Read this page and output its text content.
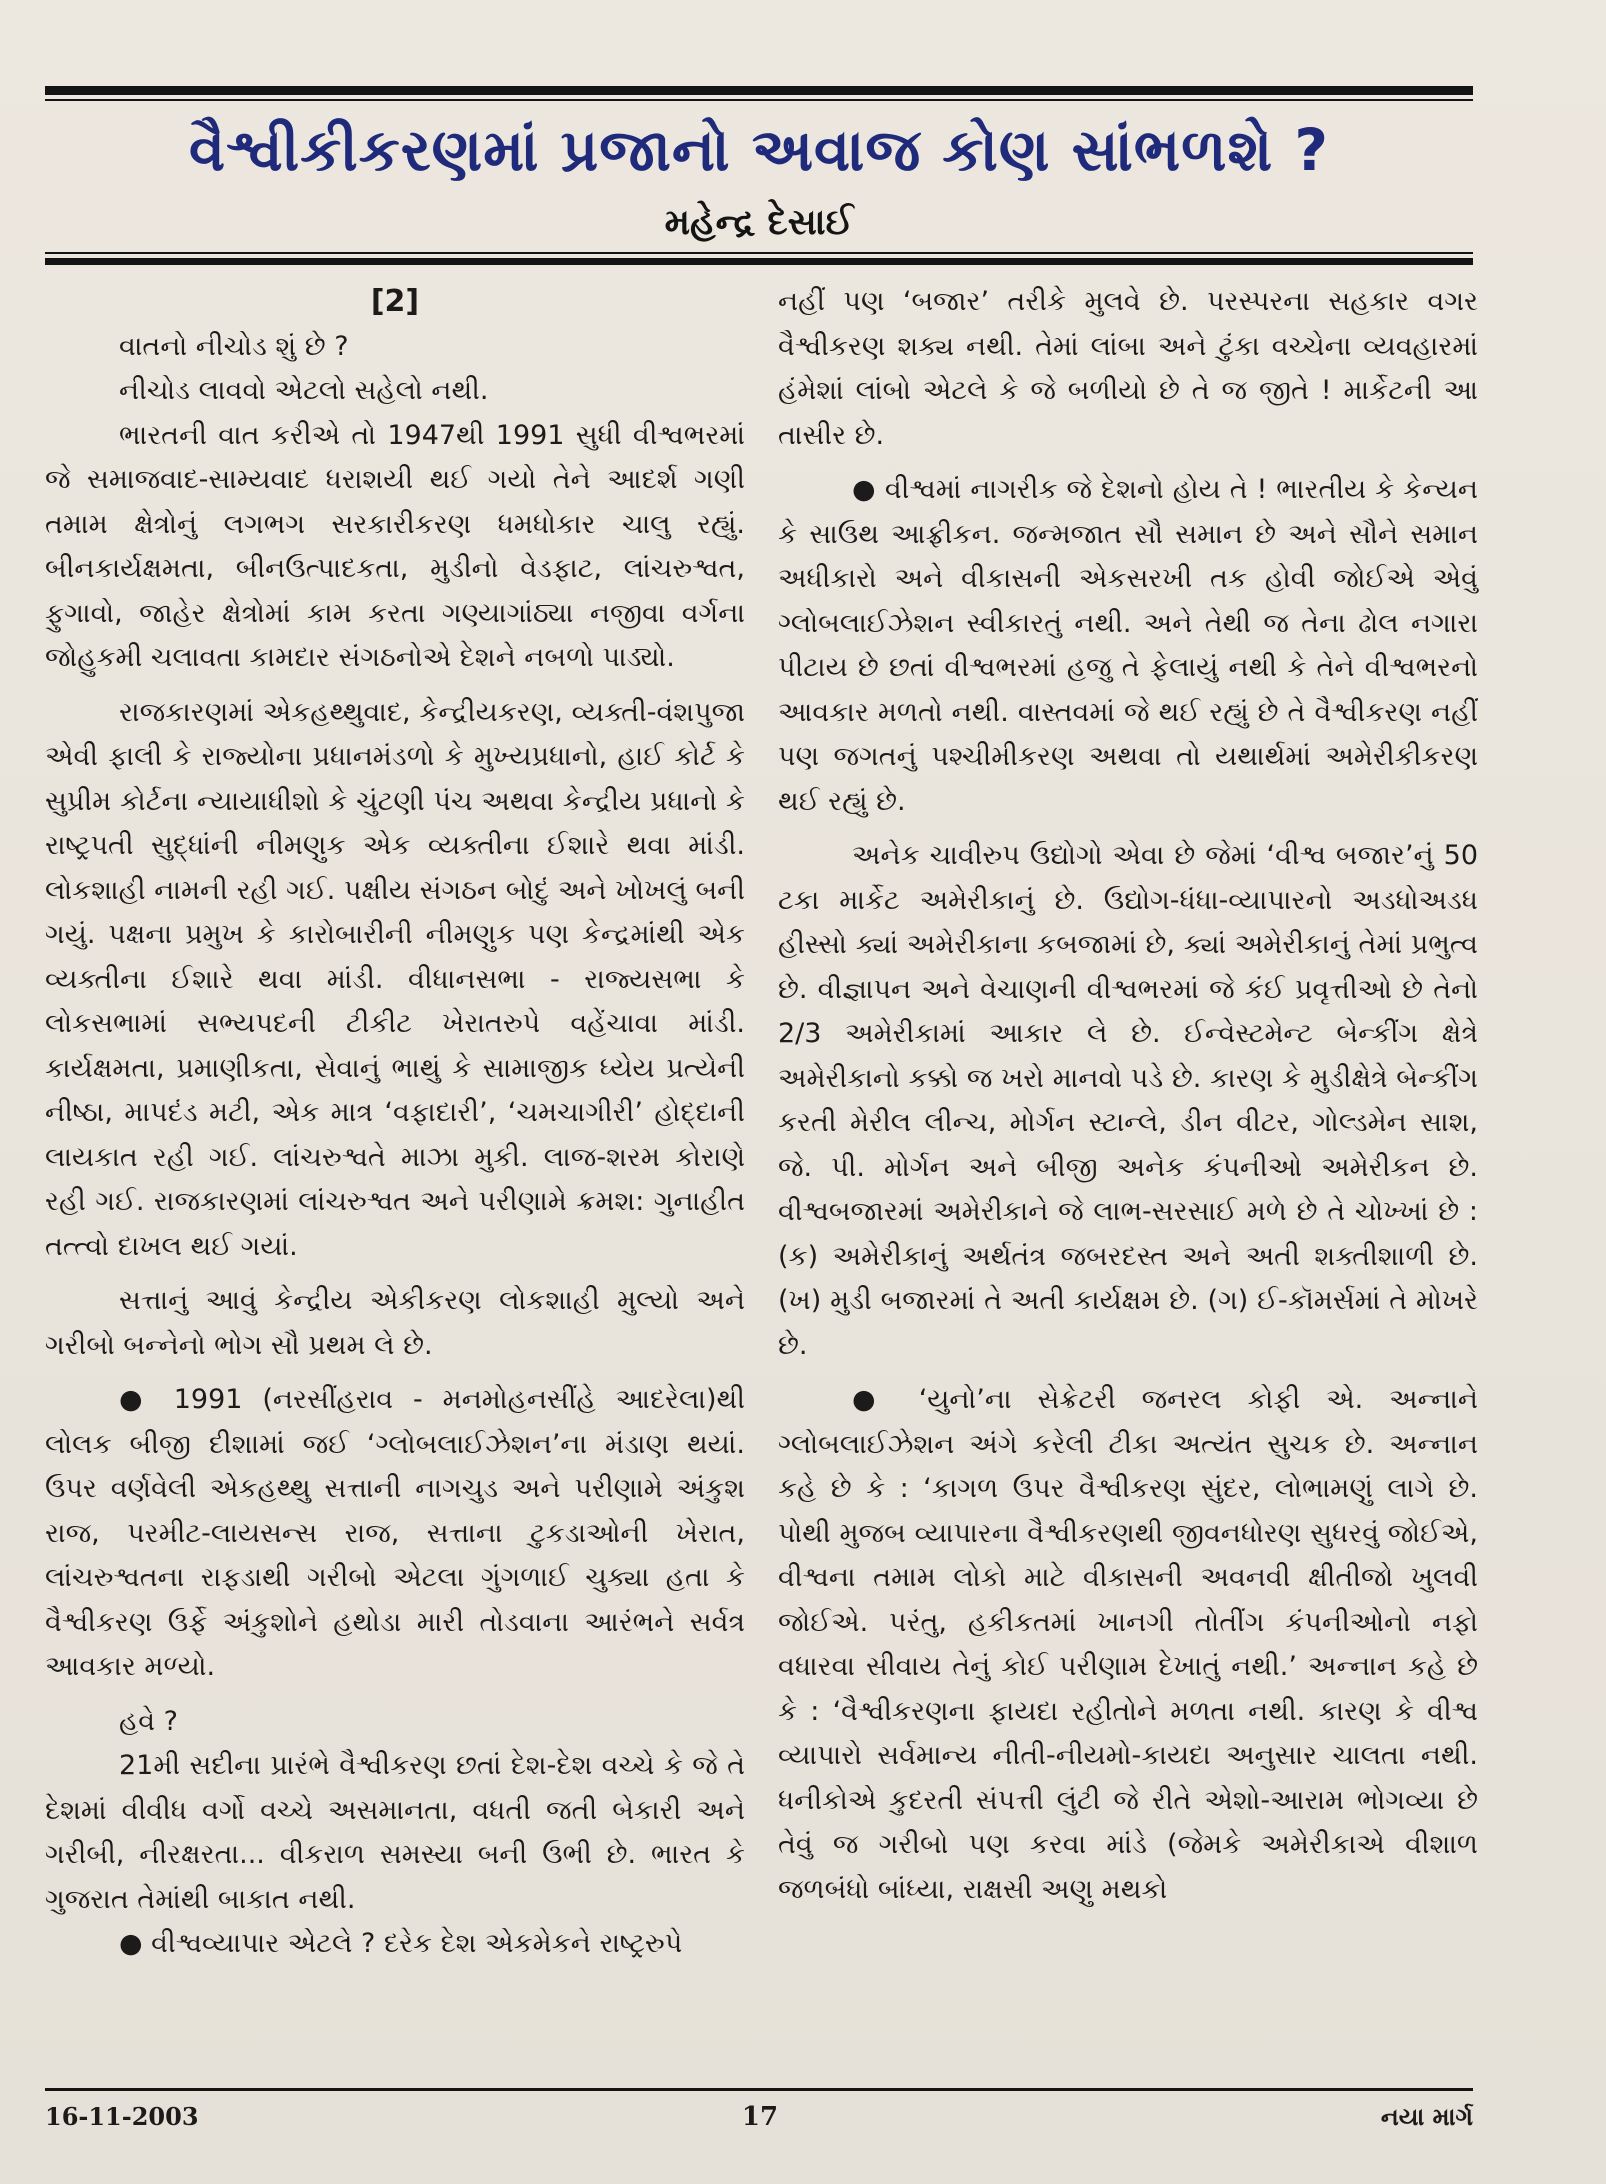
વૈશ્વીકીકરણમાં પ્રજાનો અવાજ કોણ સાંભળશે ?
મહેન્દ્ર દેસાઈ

[2]

વાતનો નીચોડ શું છે ?

નીચોડ લાવવો એટલો સહેલો નથી.

ભારતની વાત કરીએ તો 1947થી 1991 સુધી વીશ્વભરમાં જે સમાજવાદ-સામ્યવાદ ધરાશયી થઈ ગયો તેને આદર્શ ગણી તમામ ક્ષેત્રોનું લગભગ સરકારીકરણ ધમધોકાર ચાલુ રહ્યું. બીનકાર્યક્ષમતા, બીનઉત્પાદકતા, મુડીનો વેડફાટ, લાંચરુશ્વત, ફુગાવો, જાહેર ક્ષેત્રોમાં કામ કરતા ગણ્યાગાંઠ્યા નજીવા વર્ગના જોહુકમી ચલાવતા કામદાર સંગઠનોએ દેશને નબળો પાડ્યો.

રાજકારણમાં એકહથ્થુવાદ, કેન્દ્રીયકરણ, વ્યક્તી-વંશપુજા એવી ફાલી કે રાજ્યોના પ્રધાનમંડળો કે મુખ્યપ્રધાનો, હાઈ કોર્ટ કે સુપ્રીમ કોર્ટના ન્યાયાધીશો કે ચુંટણી પંચ અથવા કેન્દ્રીય પ્રધાનો કે રાષ્ટ્રપતી સુદ્ધાંની નીમણુક એક વ્યક્તીના ઈશારે થવા માંડી. લોકશાહી નામની રહી ગઈ. પક્ષીય સંગઠન બોદું અને ખોખલું બની ગયું. પક્ષના પ્રમુખ કે કારોબારીની નીમણુક પણ કેન્દ્રમાંથી એક વ્યક્તીના ઈશારે થવા માંડી. વીધાનસભા - રાજ્યસભા કે લોકસભામાં સભ્યપદની ટીકીટ ખેરાતરુપે વહેંચાવા માંડી. કાર્યક્ષમતા, પ્રમાણીકતા, સેવાનું ભાથું કે સામાજીક ધ્યેય પ્રત્યેની નીષ્ઠા, માપદંડ મટી, એક માત્ર ‘વફાદારી’, ‘ચમચાગીરી’ હોદ્દાની લાયકાત રહી ગઈ. લાંચરુશ્વતે માઝા મુકી. લાજ-શરમ કોરાણે રહી ગઈ. રાજકારણમાં લાંચરુશ્વત અને પરીણામે ક્રમશ: ગુનાહીત તત્ત્વો દાખલ થઈ ગયાં.

સત્તાનું આવું કેન્દ્રીય એકીકરણ લોકશાહી મુલ્યો અને ગરીબો બન્નેનો ભોગ સૌ પ્રથમ લે છે.

● 1991 (નરસીંહરાવ - મનમોહનસીંહે આદરેલા)થી લોલક બીજી દીશામાં જઈ ‘ગ્લોબલાઈઝેશન’ના મંડાણ થયાં. ઉપર વર્ણવેલી એકહથ્થુ સત્તાની નાગચુડ અને પરીણામે અંકુશ રાજ, પરમીટ-લાયસન્સ રાજ, સત્તાના ટુકડાઓની ખેરાત, લાંચરુશ્વતના રાફડાથી ગરીબો એટલા ગુંગળાઈ ચુક્યા હતા કે વૈશ્વીકરણ ઉર્ફે અંકુશોને હથોડા મારી તોડવાના આરંભને સર્વત્ર આવકાર મળ્યો.

હવે ?

21મી સદીના પ્રારંભે વૈશ્વીકરણ છતાં દેશ-દેશ વચ્ચે કે જે તે દેશમાં વીવીધ વર્ગો વચ્ચે અસમાનતા, વધતી જતી બેકારી અને ગરીબી, નીરક્ષરતા... વીકરાળ સમસ્યા બની ઉભી છે. ભારત કે ગુજરાત તેમાંથી બાકાત નથી.

● વીશ્વવ્યાપાર એટલે ? દરેક દેશ એકમેકને રાષ્ટ્રરુપે

નહીં પણ ‘બજાર’ તરીકે મુલવે છે. પરસ્પરના સહકાર વગર વૈશ્વીકરણ શક્ય નથી. તેમાં લાંબા અને ટુંકા વચ્ચેના વ્યવહારમાં હંમેશાં લાંબો એટલે કે જે બળીયો છે તે જ જીતે ! માર્કેટની આ તાસીર છે.

● વીશ્વમાં નાગરીક જે દેશનો હોય તે ! ભારતીય કે કેન્યન કે સાઉથ આફ્રીકન. જન્મજાત સૌ સમાન છે અને સૌને સમાન અધીકારો અને વીકાસની એકસરખી તક હોવી જોઈએ એવું ગ્લોબલાઈઝેશન સ્વીકારતું નથી. અને તેથી જ તેના ઢોલ નગારા પીટાય છે છતાં વીશ્વભરમાં હજુ તે ફેલાયું નથી કે તેને વીશ્વભરનો આવકાર મળતો નથી. વાસ્તવમાં જે થઈ રહ્યું છે તે વૈશ્વીકરણ નહીં પણ જગતનું પશ્ચીમીકરણ અથવા તો યથાર્થમાં અમેરીકીકરણ થઈ રહ્યું છે.

અનેક ચાવીરુપ ઉદ્યોગો એવા છે જેમાં ‘વીશ્વ બજાર’નું 50 ટકા માર્કેટ અમેરીકાનું છે. ઉદ્યોગ-ધંધા-વ્યાપારનો અડધોઅડધ હીસ્સો ક્યાં અમેરીકાના કબજામાં છે, ક્યાં અમેરીકાનું તેમાં પ્રભુત્વ છે. વીજ્ઞાપન અને વેચાણની વીશ્વભરમાં જે કંઈ પ્રવૃત્તીઓ છે તેનો 2/3 અમેરીકામાં આકાર લે છે. ઈન્વેસ્ટમેન્ટ બેન્કીંગ ક્ષેત્રે અમેરીકાનો કક્કો જ ખરો માનવો પડે છે. કારણ કે મુડીક્ષેત્રે બેન્કીંગ કરતી મેરીલ લીન્ચ, મોર્ગન સ્ટાન્લે, ડીન વીટર, ગોલ્ડમેન સાશ, જે. પી. મોર્ગન અને બીજી અનેક કંપનીઓ અમેરીકન છે. વીશ્વબજારમાં અમેરીકાને જે લાભ-સરસાઈ મળે છે તે ચોખ્ખાં છે : (ક) અમેરીકાનું અર્થતંત્ર જબરદસ્ત અને અતી શક્તીશાળી છે. (ખ) મુડી બજારમાં તે અતી કાર્યક્ષમ છે. (ગ) ઈ-કૉમર્સમાં તે મોખરે છે.

● ‘યુનો’ના સેક્રેટરી જનરલ કોફી એ. અન્નાને ગ્લોબલાઈઝેશન અંગે કરેલી ટીકા અત્યંત સુચક છે. અન્નાન કહે છે કે : ‘કાગળ ઉપર વૈશ્વીકરણ સુંદર, લોભામણું લાગે છે. પોથી મુજબ વ્યાપારના વૈશ્વીકરણથી જીવનધોરણ સુધરવું જોઈએ, વીશ્વના તમામ લોકો માટે વીકાસની અવનવી ક્ષીતીજો ખુલવી જોઈએ. પરંતુ, હકીકતમાં ખાનગી તોતીંગ કંપનીઓનો નફો વધારવા સીવાય તેનું કોઈ પરીણામ દેખાતું નથી.’ અન્નાન કહે છે કે : ‘વૈશ્વીકરણના ફાયદા રહીતોને મળતા નથી. કારણ કે વીશ્વ વ્યાપારો સર્વમાન્ય નીતી-નીયમો-કાયદા અનુસાર ચાલતા નથી. ધનીકોએ કુદરતી સંપત્તી લુંટી જે રીતે એશો-આરામ ભોગવ્યા છે તેવું જ ગરીબો પણ કરવા માંડે (જેમકે અમેરીકાએ વીશાળ જળબંધો બાંધ્યા, રાક્ષસી અણુ મથકો

16-11-2003	17	નયા માર્ગ
